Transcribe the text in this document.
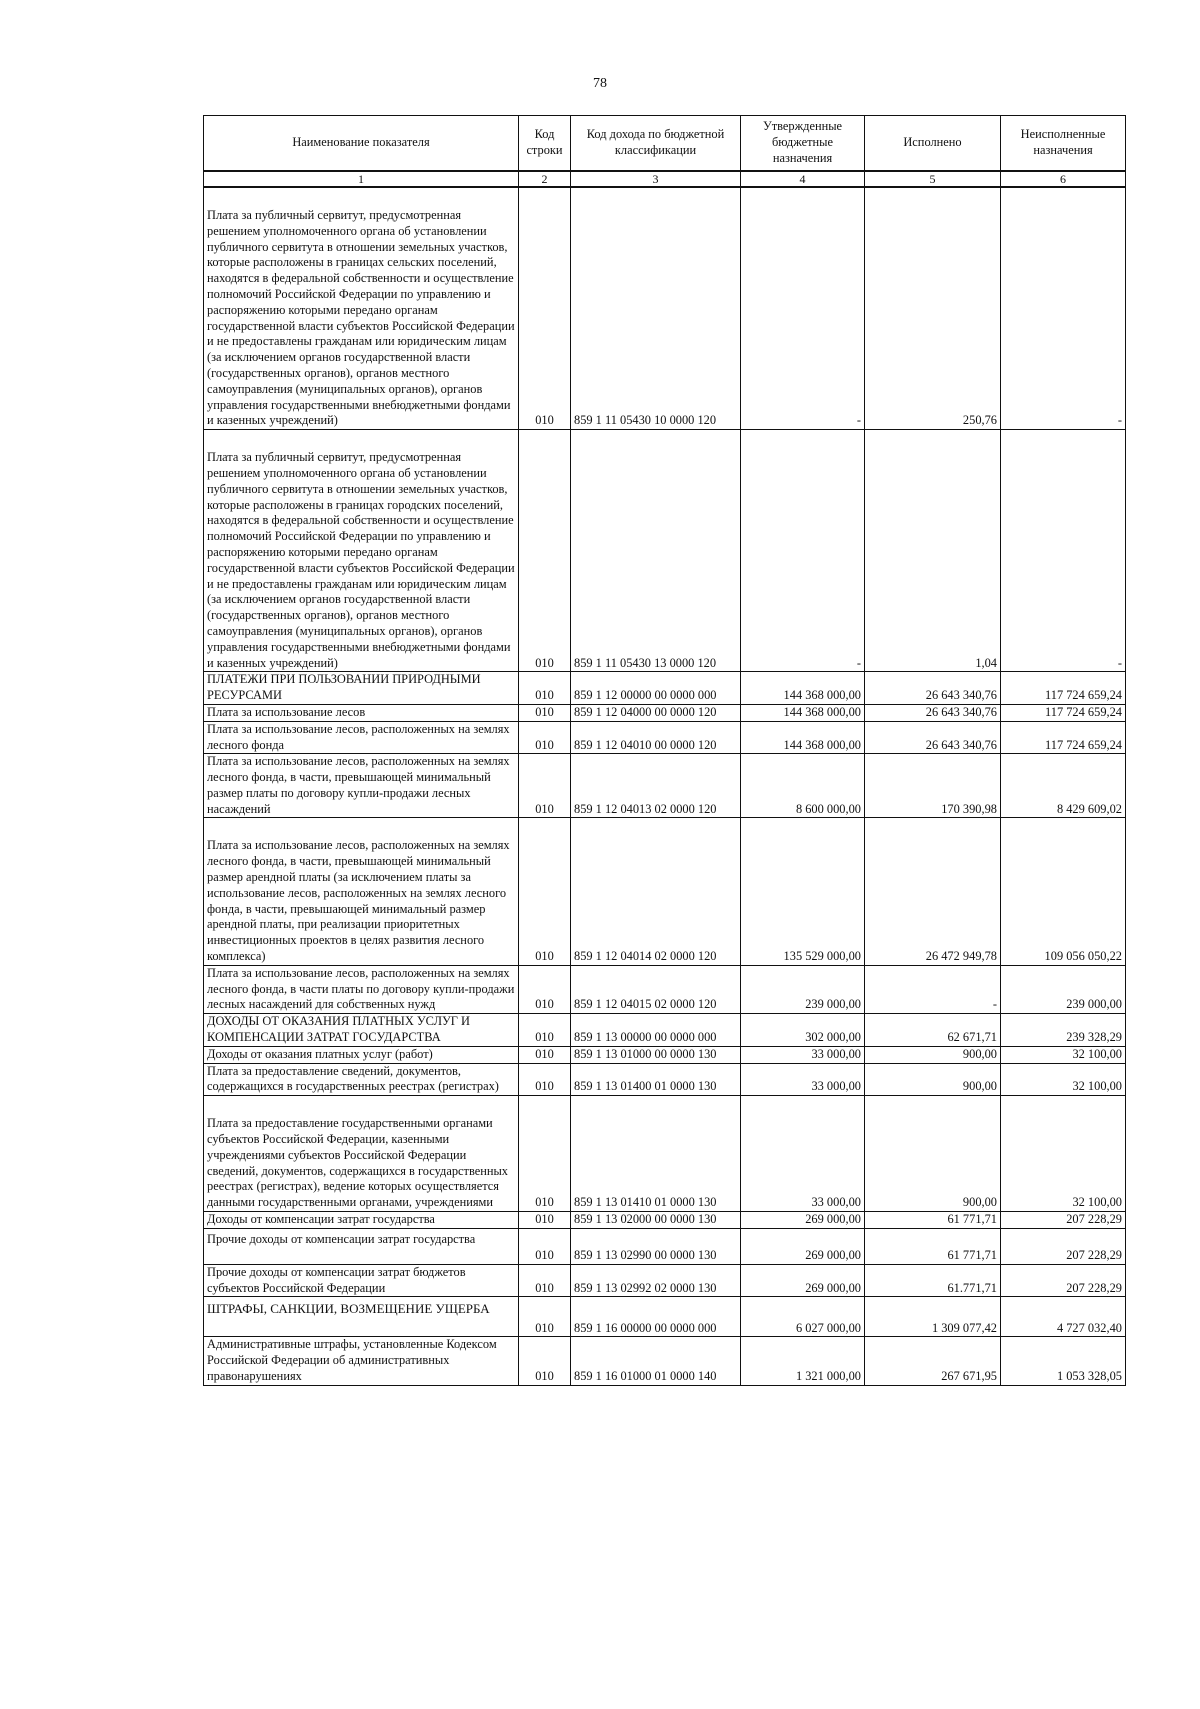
78
Наименование показателя	Код строки	Код дохода по бюджетной классификации	Утвержденные бюджетные назначения	Исполнено	Неисполненные назначения
1	2	3	4	5	6
Плата за публичный сервитут, предусмотренная решением уполномоченного органа об установлении публичного сервитута в отношении земельных участков, которые расположены в границах сельских поселений, находятся в федеральной собственности и осуществление полномочий Российской Федерации по управлению и распоряжению которыми передано органам государственной власти субъектов Российской Федерации и не предоставлены гражданам или юридическим лицам (за исключением органов государственной власти (государственных органов), органов местного самоуправления (муниципальных органов), органов управления государственными внебюджетными фондами и казенных учреждений)	010	859 1 11 05430 10 0000 120	-	250,76	-
Плата за публичный сервитут, предусмотренная решением уполномоченного органа об установлении публичного сервитута в отношении земельных участков, которые расположены в границах городских поселений, находятся в федеральной собственности и осуществление полномочий Российской Федерации по управлению и распоряжению которыми передано органам государственной власти субъектов Российской Федерации и не предоставлены гражданам или юридическим лицам (за исключением органов государственной власти (государственных органов), органов местного самоуправления (муниципальных органов), органов управления государственными внебюджетными фондами и казенных учреждений)	010	859 1 11 05430 13 0000 120	-	1,04	-
ПЛАТЕЖИ ПРИ ПОЛЬЗОВАНИИ ПРИРОДНЫМИ РЕСУРСАМИ	010	859 1 12 00000 00 0000 000	144 368 000,00	26 643 340,76	117 724 659,24
Плата за использование лесов	010	859 1 12 04000 00 0000 120	144 368 000,00	26 643 340,76	117 724 659,24
Плата за использование лесов, расположенных на землях лесного фонда	010	859 1 12 04010 00 0000 120	144 368 000,00	26 643 340,76	117 724 659,24
Плата за использование лесов, расположенных на землях лесного фонда, в части, превышающей минимальный размер платы по договору купли-продажи лесных насаждений	010	859 1 12 04013 02 0000 120	8 600 000,00	170 390,98	8 429 609,02
Плата за использование лесов, расположенных на землях лесного фонда, в части, превышающей минимальный размер арендной платы (за исключением платы за использование лесов, расположенных на землях лесного фонда, в части, превышающей минимальный размер арендной платы, при реализации приоритетных инвестиционных проектов в целях развития лесного комплекса)	010	859 1 12 04014 02 0000 120	135 529 000,00	26 472 949,78	109 056 050,22
Плата за использование лесов, расположенных на землях лесного фонда, в части платы по договору купли-продажи лесных насаждений для собственных нужд	010	859 1 12 04015 02 0000 120	239 000,00	-	239 000,00
ДОХОДЫ ОТ ОКАЗАНИЯ ПЛАТНЫХ УСЛУГ И КОМПЕНСАЦИИ ЗАТРАТ ГОСУДАРСТВА	010	859 1 13 00000 00 0000 000	302 000,00	62 671,71	239 328,29
Доходы от оказания платных услуг (работ)	010	859 1 13 01000 00 0000 130	33 000,00	900,00	32 100,00
Плата за предоставление сведений, документов, содержащихся в государственных реестрах (регистрах)	010	859 1 13 01400 01 0000 130	33 000,00	900,00	32 100,00
Плата за предоставление государственными органами субъектов Российской Федерации, казенными учреждениями субъектов Российской Федерации сведений, документов, содержащихся в государственных реестрах (регистрах), ведение которых осуществляется данными государственными органами, учреждениями	010	859 1 13 01410 01 0000 130	33 000,00	900,00	32 100,00
Доходы от компенсации затрат государства	010	859 1 13 02000 00 0000 130	269 000,00	61 771,71	207 228,29
Прочие доходы от компенсации затрат государства	010	859 1 13 02990 00 0000 130	269 000,00	61 771,71	207 228,29
Прочие доходы от компенсации затрат бюджетов субъектов Российской Федерации	010	859 1 13 02992 02 0000 130	269 000,00	61.771,71	207 228,29
ШТРАФЫ, САНКЦИИ, ВОЗМЕЩЕНИЕ УЩЕРБА	010	859 1 16 00000 00 0000 000	6 027 000,00	1 309 077,42	4 727 032,40
Административные штрафы, установленные Кодексом Российской Федерации об административных правонарушениях	010	859 1 16 01000 01 0000 140	1 321 000,00	267 671,95	1 053 328,05
